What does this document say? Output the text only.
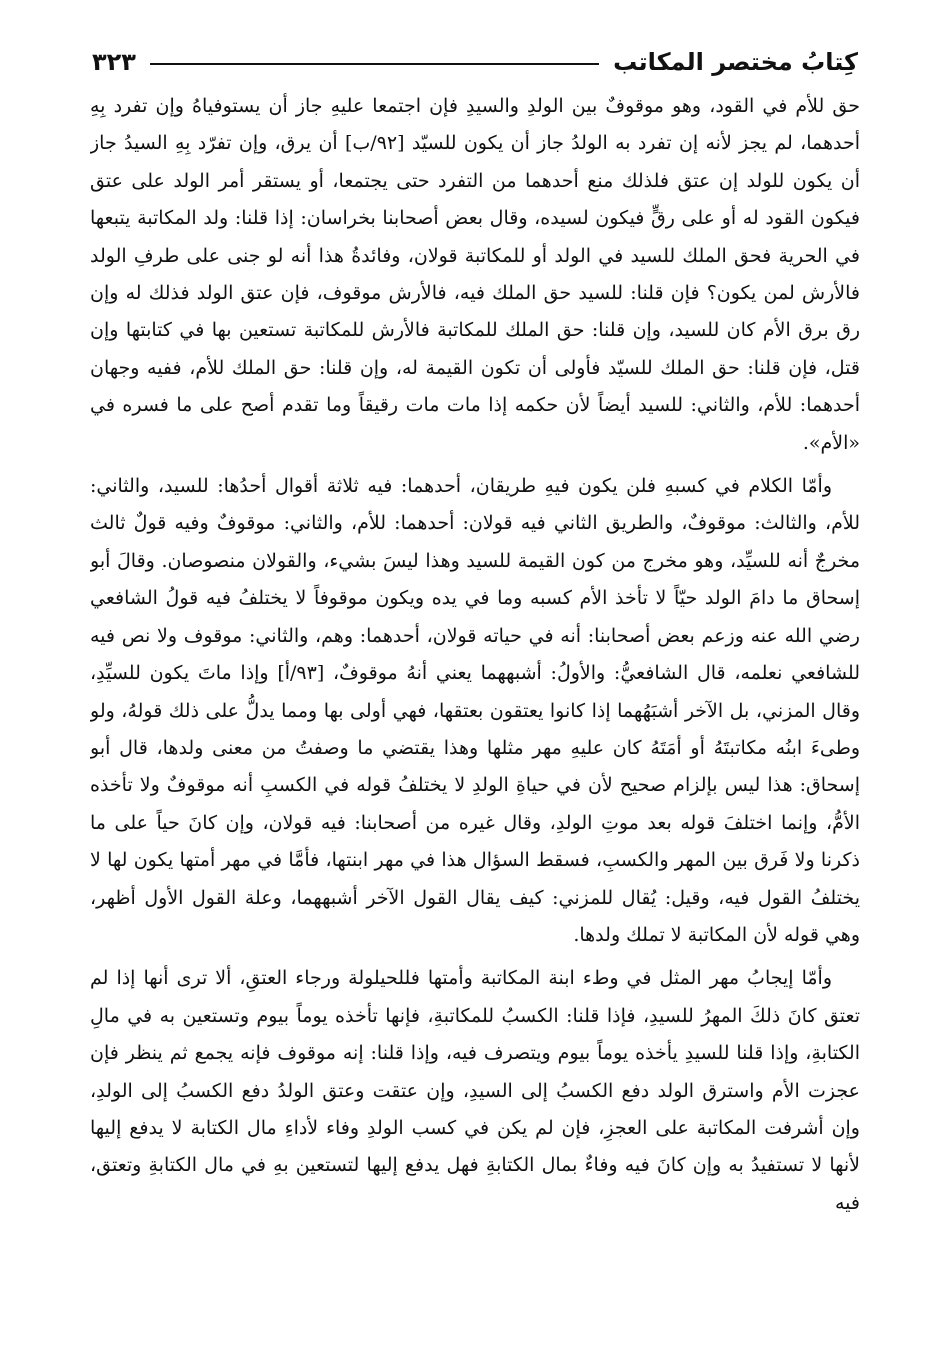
كِتابُ مختصر المكاتب
٣٢٣

حق للأم في القود، وهو موقوفٌ بين الولدِ والسيدِ فإن اجتمعا عليهِ جاز أن يستوفياهُ وإن تفرد بِهِ أحدهما، لم يجز لأنه إن تفرد به الولدُ جاز أن يكون للسيّد [٩٢/ب] أن يرق، وإن تفرّد بِهِ السيدُ جاز أن يكون للولد إن عتق فلذلك منع أحدهما من التفرد حتى يجتمعا، أو يستقر أمر الولد على عتق فيكون القود له أو على رقٍّ فيكون لسيده، وقال بعض أصحابنا بخراسان: إذا قلنا: ولد المكاتبة يتبعها في الحرية فحق الملك للسيد في الولد أو للمكاتبة قولان، وفائدةُ هذا أنه لو جنى على طرفِ الولد فالأرش لمن يكون؟ فإن قلنا: للسيد حق الملك فيه، فالأرش موقوف، فإن عتق الولد فذلك له وإن رق برق الأم كان للسيد، وإن قلنا: حق الملك للمكاتبة فالأرش للمكاتبة تستعين بها في كتابتها وإن قتل، فإن قلنا: حق الملك للسيّد فأولى أن تكون القيمة له، وإن قلنا: حق الملك للأم، ففيه وجهان أحدهما: للأم، والثاني: للسيد أيضاً لأن حكمه إذا مات مات رقيقاً وما تقدم أصح على ما فسره في «الأم».

وأمّا الكلام في كسبهِ فلن يكون فيهِ طريقان، أحدهما: فيه ثلاثة أقوال أحدُها: للسيد، والثاني: للأم، والثالث: موقوفٌ، والطريق الثاني فيه قولان: أحدهما: للأم، والثاني: موقوفٌ وفيه قولٌ ثالث مخرجٌ أنه للسيِّد، وهو مخرج من كون القيمة للسيد وهذا ليسَ بشيء، والقولان منصوصان. وقالَ أبو إسحاق ما دامَ الولد حيّاً لا تأخذ الأم كسبه وما في يده ويكون موقوفاً لا يختلفُ فيه قولُ الشافعي رضي الله عنه وزعم بعض أصحابنا: أنه في حياته قولان، أحدهما: وهم، والثاني: موقوف ولا نص فيه للشافعي نعلمه، قال الشافعيُّ: والأولُ: أشبههما يعني أنهُ موقوفٌ، [٩٣/أ] وإذا ماتَ يكون للسيِّدِ، وقال المزني، بل الآخر أشبَهُهما إذا كانوا يعتقون بعتقها، فهي أولى بها ومما يدلُّ على ذلك قولهُ، ولو وطىءَ ابنُه مكاتبتَهُ أو أمَتَهُ كان عليهِ مهر مثلها وهذا يقتضي ما وصفتُ من معنى ولدها، قال أبو إسحاق: هذا ليس بإلزام صحيح لأن في حياةِ الولدِ لا يختلفُ قوله في الكسبِ أنه موقوفٌ ولا تأخذه الأمُّ، وإنما اختلفَ قوله بعد موتِ الولدِ، وقال غيره من أصحابنا: فيه قولان، وإن كانَ حياً على ما ذكرنا ولا فَرق بين المهر والكسبِ، فسقط السؤال هذا في مهر ابنتها، فأمَّا في مهر أمتها يكون لها لا يختلفُ القول فيه، وقيل: يُقال للمزني: كيف يقال القول الآخر أشبههما، وعلة القول الأول أظهر، وهي قوله لأن المكاتبة لا تملك ولدها.

وأمّا إيجابُ مهر المثل في وطء ابنة المكاتبة وأمتها فللحيلولة ورجاء العتقِ، ألا ترى أنها إذا لم تعتق كانَ ذلكَ المهرُ للسيدِ، فإذا قلنا: الكسبُ للمكاتبةِ، فإنها تأخذه يوماً بيوم وتستعين به في مالِ الكتابةِ، وإذا قلنا للسيدِ يأخذه يوماً بيوم ويتصرف فيه، وإذا قلنا: إنه موقوف فإنه يجمع ثم ينظر فإن عجزت الأم واسترق الولد دفع الكسبُ إلى السيدِ، وإن عتقت وعتق الولدُ دفع الكسبُ إلى الولدِ، وإن أشرفت المكاتبة على العجزِ، فإن لم يكن في كسب الولدِ وفاء لأداءِ مال الكتابة لا يدفع إليها لأنها لا تستفيدُ به وإن كانَ فيه وفاءٌ بمال الكتابةِ فهل يدفع إليها لتستعين بهِ في مال الكتابةِ وتعتق، فيه
